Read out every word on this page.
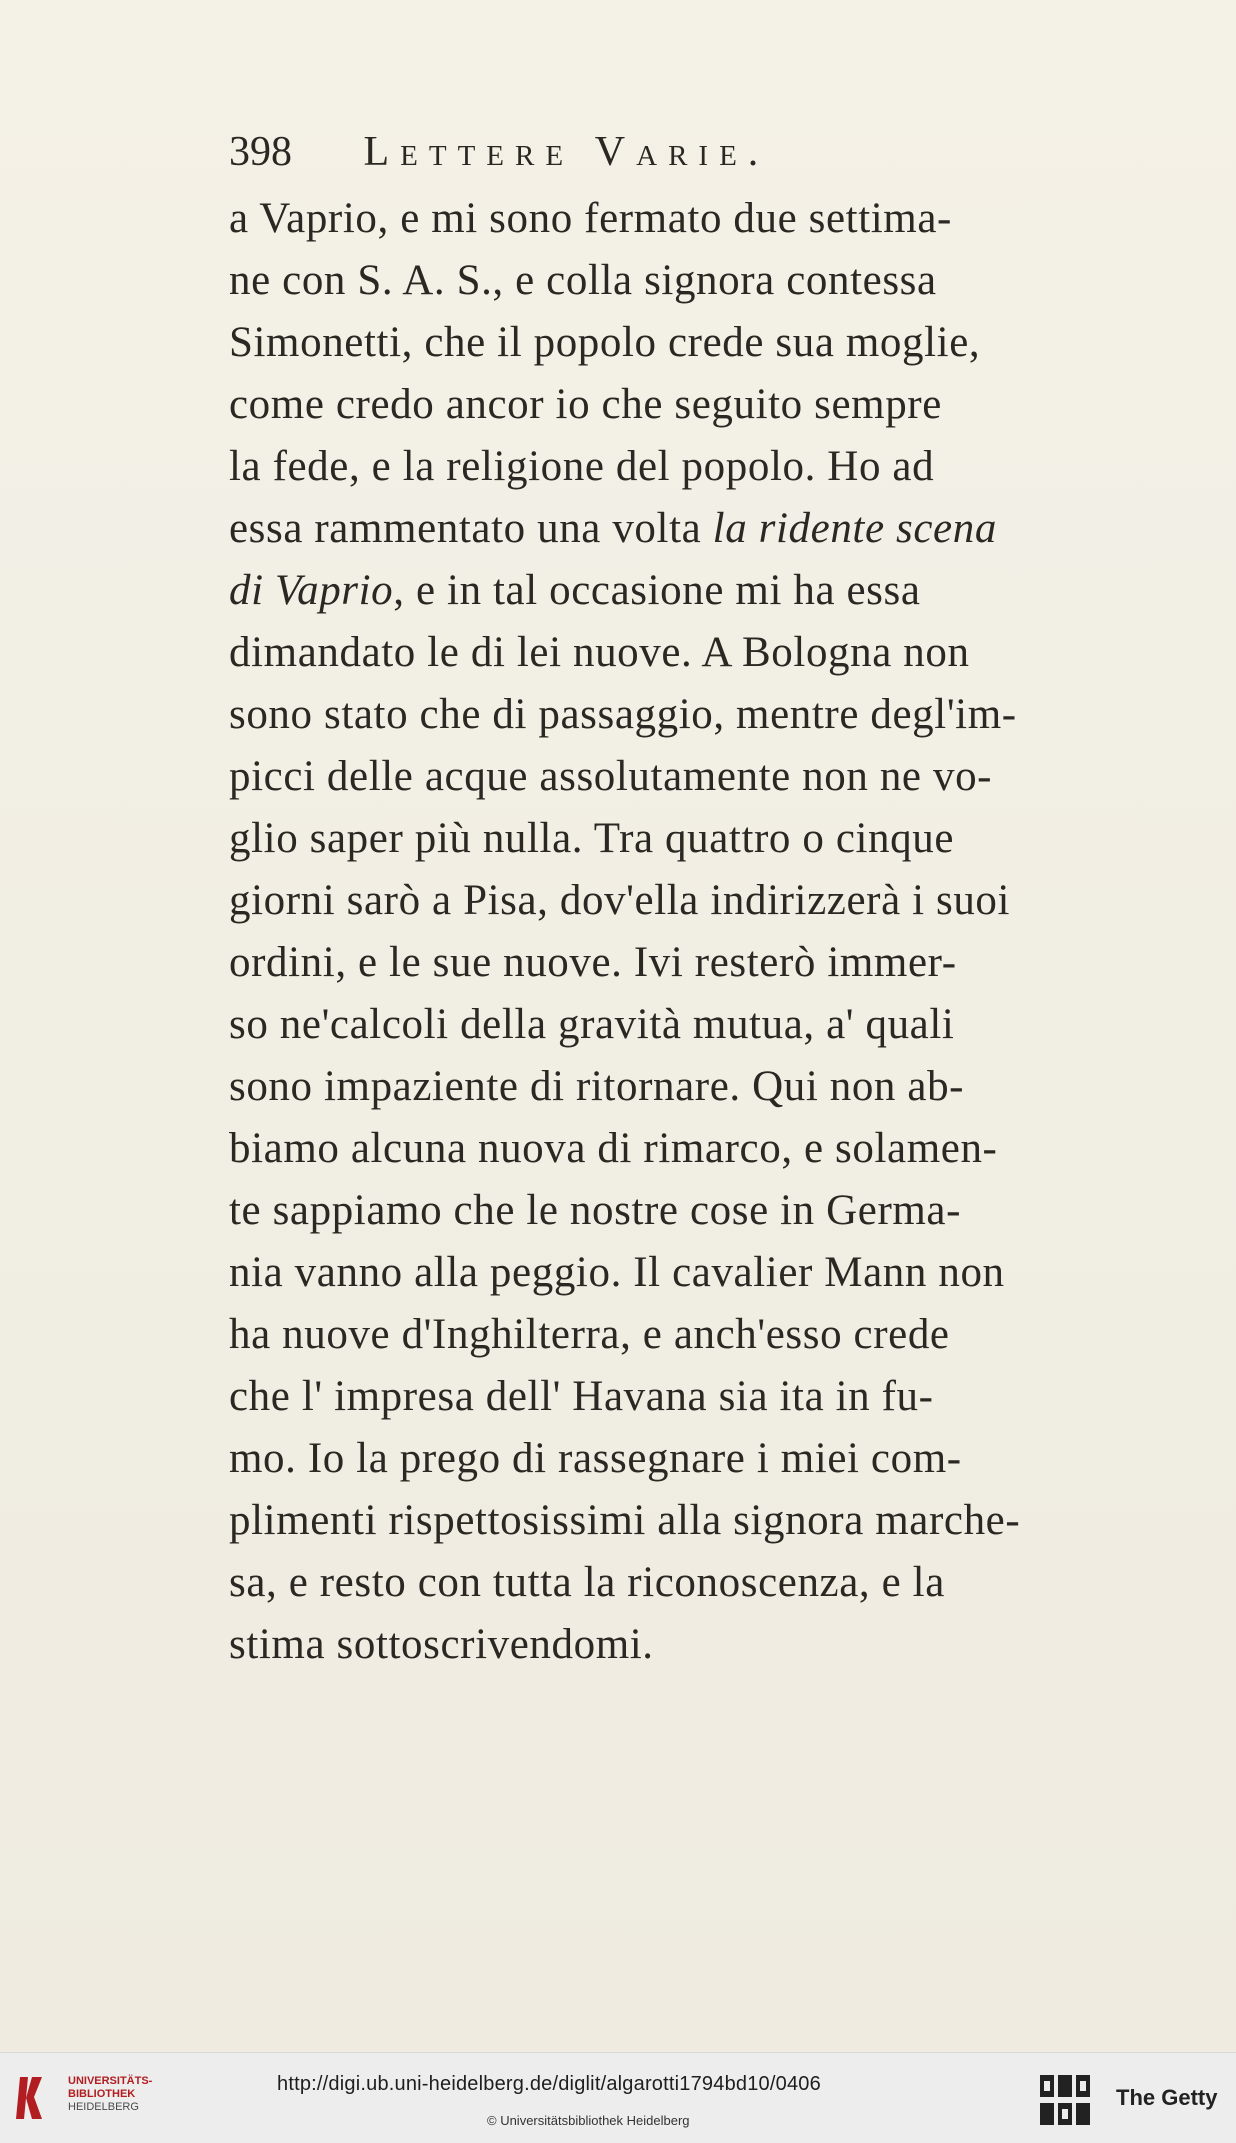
398 Lettere Varie.
a Vaprio, e mi sono fermato due settima-
ne con S. A. S., e colla signora contessa
Simonetti, che il popolo crede sua moglie,
come credo ancor io che seguito sempre
la fede, e la religione del popolo. Ho ad
essa rammentato una volta la ridente scena
di Vaprio, e in tal occasione mi ha essa
dimandato le di lei nuove. A Bologna non
sono stato che di passaggio, mentre degl'im-
picci delle acque assolutamente non ne vo-
glio saper più nulla. Tra quattro o cinque
giorni sarò a Pisa, dov'ella indirizzerà i suoi
ordini, e le sue nuove. Ivi resterò immer-
so ne'calcoli della gravità mutua, a' quali
sono impaziente di ritornare. Qui non ab-
biamo alcuna nuova di rimarco, e solamen-
te sappiamo che le nostre cose in Germa-
nia vanno alla peggio. Il cavalier Mann non
ha nuove d'Inghilterra, e anch'esso crede
che l' impresa dell' Havana sia ita in fu-
mo. Io la prego di rassegnare i miei com-
plimenti rispettosissimi alla signora marche-
sa, e resto con tutta la riconoscenza, e la
stima sottoscrivendomi.
UNIVERSITÄTS-
BIBLIOTHEK
HEIDELBERG
http://digi.ub.uni-heidelberg.de/diglit/algarotti1794bd10/0406
© Universitätsbibliothek Heidelberg
The Getty
